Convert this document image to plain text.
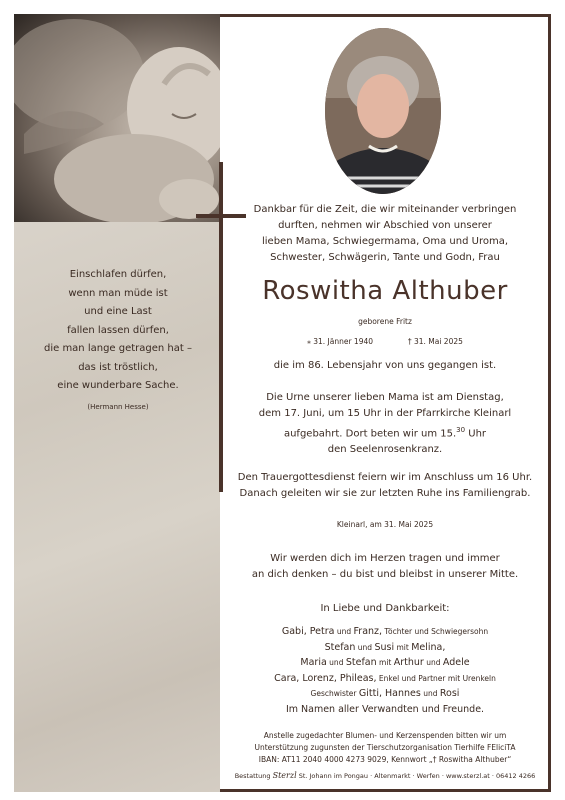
Einschlafen dürfen,
wenn man müde ist
und eine Last
fallen lassen dürfen,
die man lange getragen hat –
das ist tröstlich,
eine wunderbare Sache.
(Hermann Hesse)
Dankbar für die Zeit, die wir miteinander verbringen
durften, nehmen wir Abschied von unserer
lieben Mama, Schwiegermama, Oma und Uroma,
Schwester, Schwägerin, Tante und Godn, Frau
Roswitha Althuber
geborene Fritz
⁎ 31. Jänner 1940	† 31. Mai 2025
die im 86. Lebensjahr von uns gegangen ist.
Die Urne unserer lieben Mama ist am Dienstag,
dem 17. Juni, um 15 Uhr in der Pfarrkirche Kleinarl
aufgebahrt. Dort beten wir um 15.30 Uhr
den Seelenrosenkranz.
Den Trauergottesdienst feiern wir im Anschluss um 16 Uhr.
Danach geleiten wir sie zur letzten Ruhe ins Familiengrab.
Kleinarl, am 31. Mai 2025
Wir werden dich im Herzen tragen und immer
an dich denken – du bist und bleibst in unserer Mitte.
In Liebe und Dankbarkeit:
Gabi, Petra und Franz, Töchter und Schwiegersohn
Stefan und Susi mit Melina,
Maria und Stefan mit Arthur und Adele
Cara, Lorenz, Phileas, Enkel und Partner mit Urenkeln
Geschwister Gitti, Hannes und Rosi
Im Namen aller Verwandten und Freunde.
Anstelle zugedachter Blumen- und Kerzenspenden bitten wir um
Unterstützung zugunsten der Tierschutzorganisation Tierhilfe FEliciTA
IBAN: AT11 2040 4000 4273 9029, Kennwort „† Roswitha Althuber“
Bestattung Sterzl St. Johann im Pongau · Altenmarkt · Werfen · www.sterzl.at · 06412 4266
